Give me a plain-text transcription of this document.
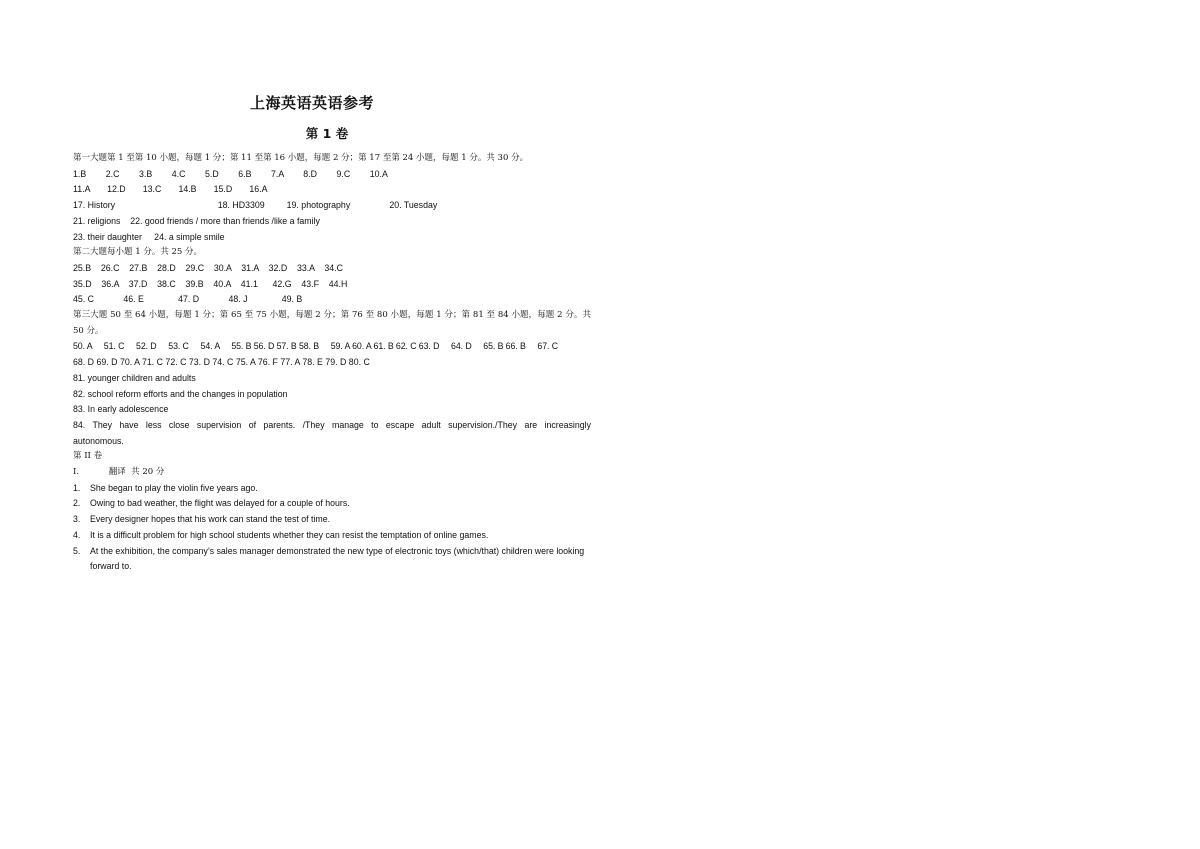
上海英语英语参考
第 1 卷

第一大题第 1 至第 10 小题，每题 1 分；第 11 至第 16 小题，每题 2 分；第 17 至第 24 小题，每题 1 分。共 30 分。

1.B        2.C        3.B        4.C        5.D        6.B        7.A        8.D        9.C        10.A

11.A       12.D       13.C       14.B       15.D       16.A

17. History                                          18. HD3309         19. photography                20. Tuesday

21. religions    22. good friends / more than friends /like a family

23. their daughter     24. a simple smile

第二大题每小题 1 分。共 25 分。

25.B    26.C    27.B    28.D    29.C    30.A    31.A    32.D    33.A    34.C

35.D    36.A    37.D    38.C    39.B    40.A    41.1      42.G    43.F    44.H

45. C            46. E              47. D            48. J              49. B

第三大题 50 至 64 小题，每题 1 分；第 65 至 75 小题，每题 2 分；第 76 至 80 小题，每题 1 分；第 81 至 84 小题，每题 2 分。共 50 分。

50. A     51. C     52. D     53. C     54. A     55. B 56. D 57. B 58. B     59. A 60. A 61. B 62. C 63. D     64. D     65. B 66. B     67. C

68. D 69. D 70. A 71. C 72. C 73. D 74. C 75. A 76. F 77. A 78. E 79. D 80. C

81. younger children and adults

82. school reform efforts and the changes in population

83. In early adolescence

84. They have less close supervision of parents. /They manage to escape adult supervision./They are increasingly autonomous.

第 II 卷

I.           翻译  共 20 分

1.	She began to play the violin five years ago.
2.	Owing to bad weather, the flight was delayed for a couple of hours.
3.	Every designer hopes that his work can stand the test of time.
4.	It is a difficult problem for high school students whether they can resist the temptation of online games.
5.	At the exhibition, the company’s sales manager demonstrated the new type of electronic toys (which/that) children were looking forward to.
